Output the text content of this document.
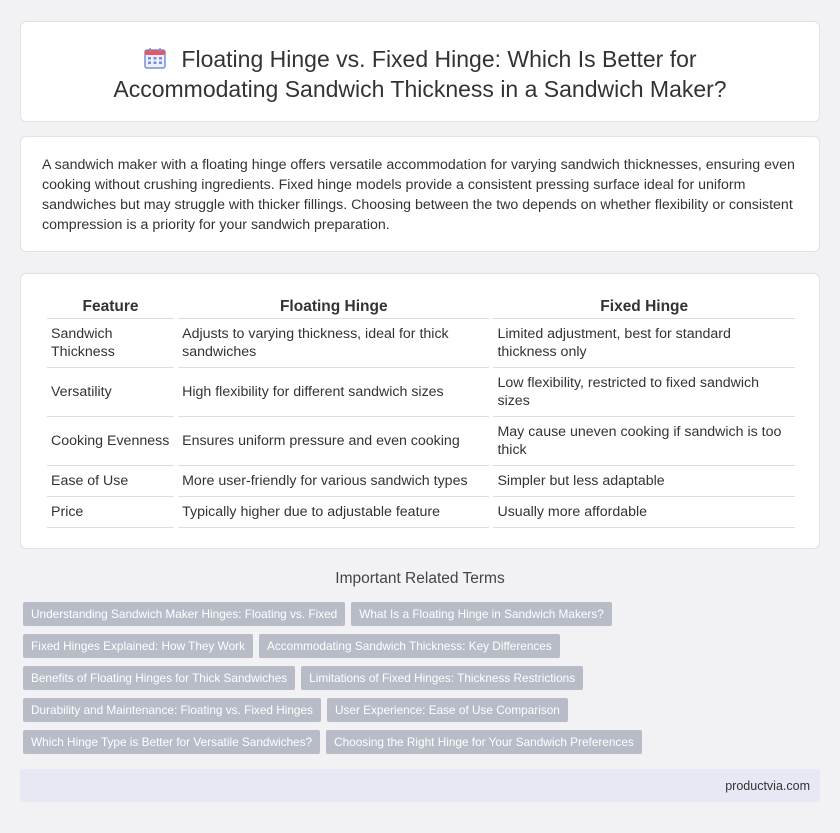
Floating Hinge vs. Fixed Hinge: Which Is Better for Accommodating Sandwich Thickness in a Sandwich Maker?

A sandwich maker with a floating hinge offers versatile accommodation for varying sandwich thicknesses, ensuring even cooking without crushing ingredients. Fixed hinge models provide a consistent pressing surface ideal for uniform sandwiches but may struggle with thicker fillings. Choosing between the two depends on whether flexibility or consistent compression is a priority for your sandwich preparation.

Feature	Floating Hinge	Fixed Hinge
Sandwich Thickness	Adjusts to varying thickness, ideal for thick sandwiches	Limited adjustment, best for standard thickness only
Versatility	High flexibility for different sandwich sizes	Low flexibility, restricted to fixed sandwich sizes
Cooking Evenness	Ensures uniform pressure and even cooking	May cause uneven cooking if sandwich is too thick
Ease of Use	More user-friendly for various sandwich types	Simpler but less adaptable
Price	Typically higher due to adjustable feature	Usually more affordable
Important Related Terms
Understanding Sandwich Maker Hinges: Floating vs. Fixed What Is a Floating Hinge in Sandwich Makers?
Fixed Hinges Explained: How They Work Accommodating Sandwich Thickness: Key Differences
Benefits of Floating Hinges for Thick Sandwiches Limitations of Fixed Hinges: Thickness Restrictions
Durability and Maintenance: Floating vs. Fixed Hinges User Experience: Ease of Use Comparison
Which Hinge Type is Better for Versatile Sandwiches? Choosing the Right Hinge for Your Sandwich Preferences
productvia.com
